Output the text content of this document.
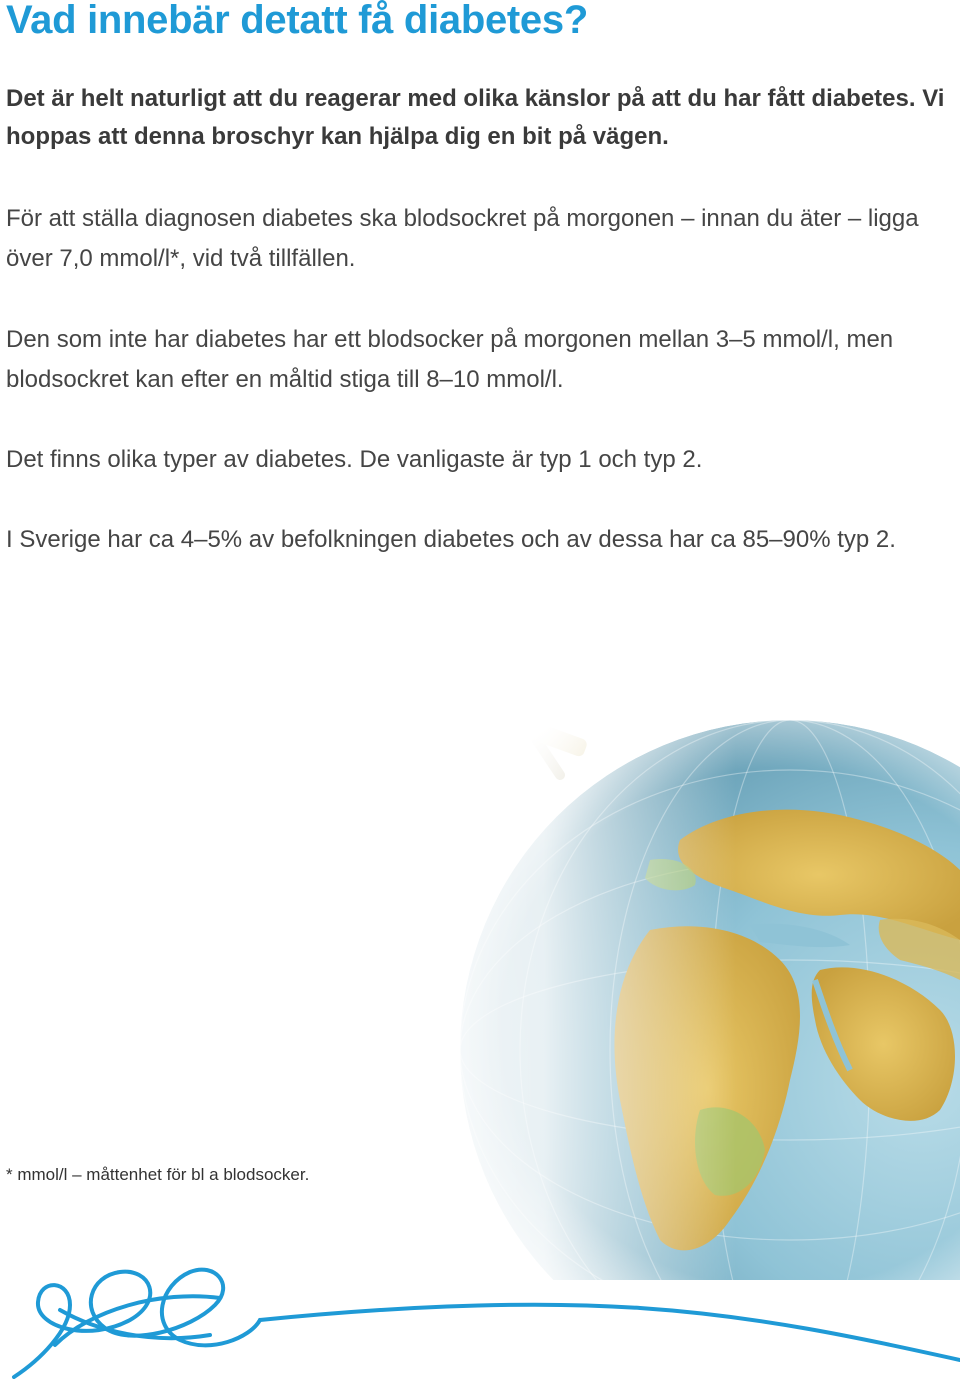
Vad innebär detatt få diabetes?

Det är helt naturligt att du reagerar med olika känslor på att du har fått diabetes. Vi hoppas att denna broschyr kan hjälpa dig en bit på vägen.

För att ställa diagnosen diabetes ska blodsockret på morgonen – innan du äter – ligga över 7,0 mmol/l*, vid två tillfällen.

Den som inte har diabetes har ett blodsocker på morgonen mellan 3–5 mmol/l, men blodsockret kan efter en måltid stiga till 8–10 mmol/l.

Det finns olika typer av diabetes. De vanligaste är typ 1 och typ 2.

I Sverige har ca 4–5% av befolkningen diabetes och av dessa har ca 85–90% typ 2.

* mmol/l – måttenhet för bl a blodsocker.
